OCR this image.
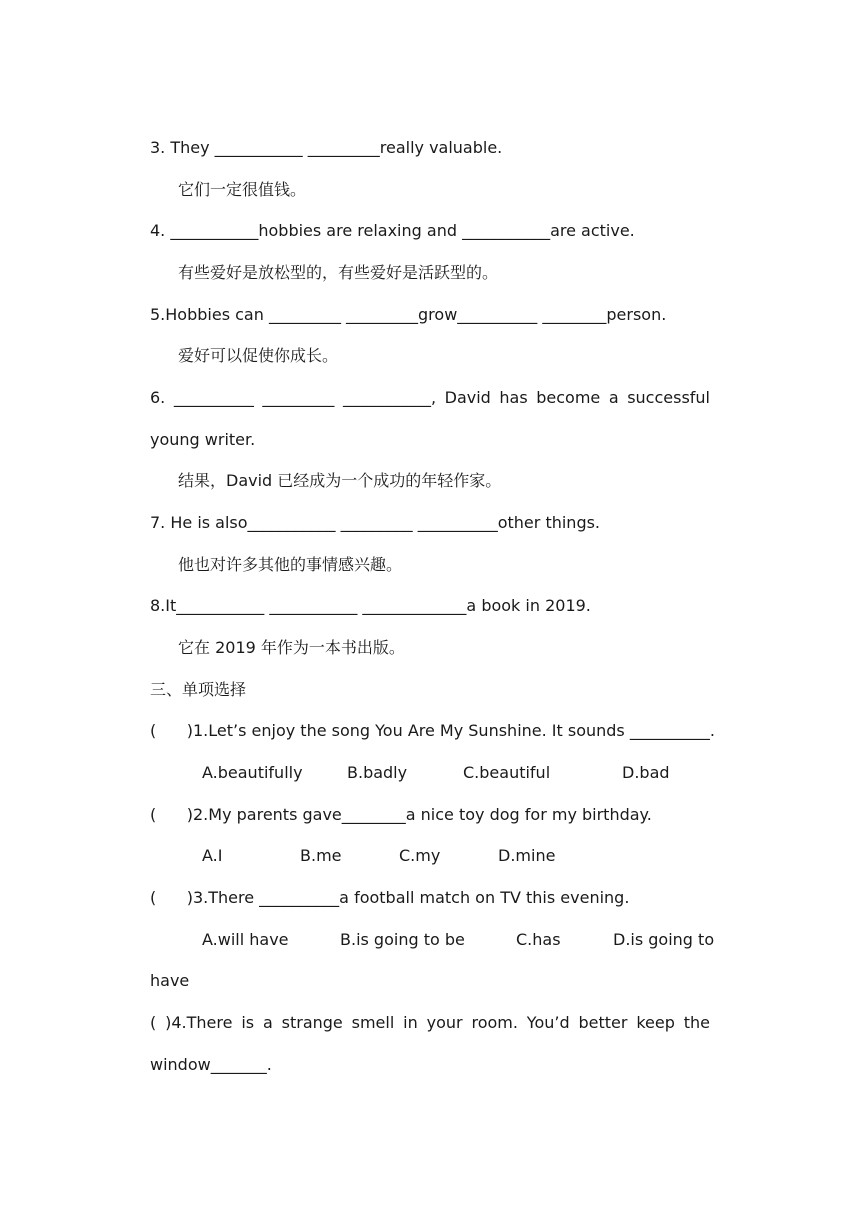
3. They ___________ _________really valuable.
它们一定很值钱。
4. ___________hobbies are relaxing and ___________are active.
有些爱好是放松型的，有些爱好是活跃型的。
5.Hobbies can _________ _________grow__________ ________person.
爱好可以促使你成长。
6. __________ _________ ___________, David has become a successful
young writer.
结果，David 已经成为一个成功的年轻作家。
7. He is also___________ _________ __________other things.
他也对许多其他的事情感兴趣。
8.It___________ ___________ _____________a book in 2019.
它在 2019 年作为一本书出版。
三、单项选择
(      )1.Let’s enjoy the song You Are My Sunshine. It sounds __________.
A.beautifully	B.badly	C.beautiful	D.bad
(      )2.My parents gave________a nice toy dog for my birthday.
A.I	B.me	C.my	D.mine
(      )3.There __________a football match on TV this evening.
A.will have	B.is going to be	C.has	D.is going to
have
( )4.There is a strange smell in your room. You’d better keep the
window_______.
